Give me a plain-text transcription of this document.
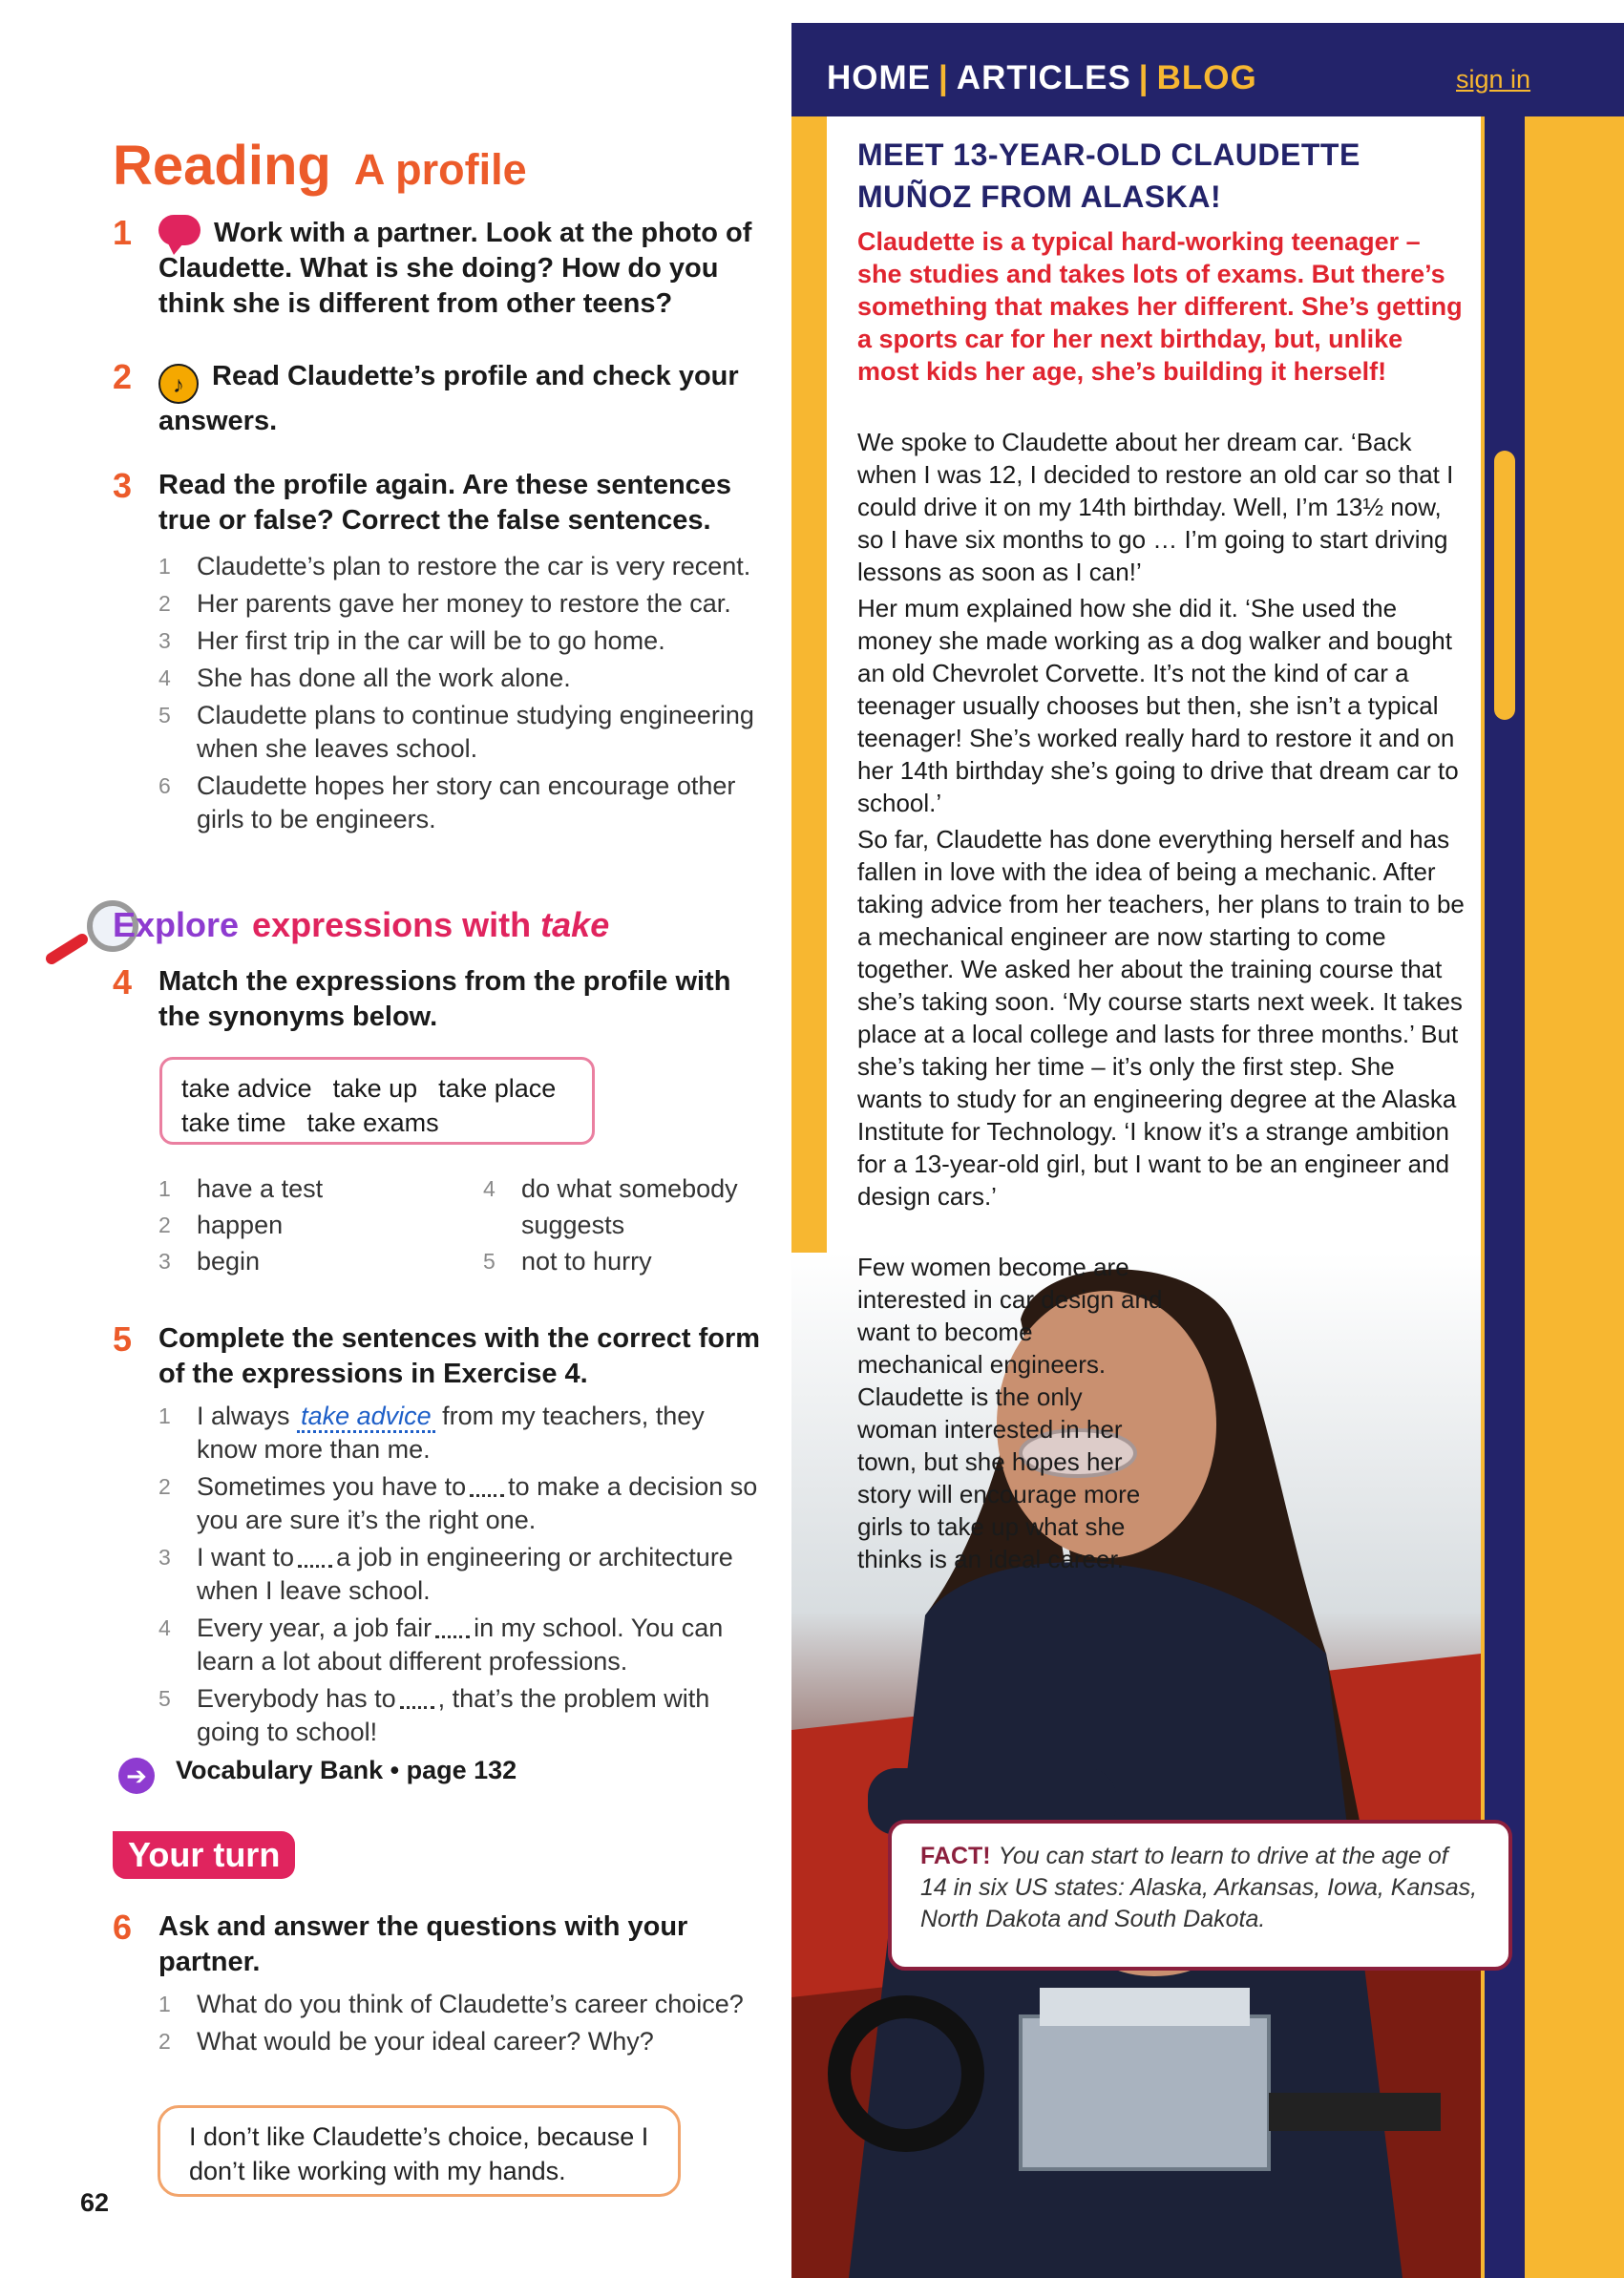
Reading A profile
1	Work with a partner. Look at the photo of Claudette. What is she doing? How do you think she is different from other teens?
2	♪ Read Claudette’s profile and check your answers.
3 Read the profile again. Are these sentences true or false? Correct the false sentences.
1 Claudette’s plan to restore the car is very recent.
2 Her parents gave her money to restore the car.
3 Her first trip in the car will be to go home.
4 She has done all the work alone.
5 Claudette plans to continue studying engineering when she leaves school.
6 Claudette hopes her story can encourage other girls to be engineers.
Explore expressions with take
4 Match the expressions from the profile with the synonyms below.
take advice take up take place
take time take exams
1 have a test
2 happen
3 begin
4 do what somebody suggests
5 not to hurry
5 Complete the sentences with the correct form of the expressions in Exercise 4.
1 I always take advice from my teachers, they know more than me.
2 Sometimes you have to to make a decision so you are sure it’s the right one.
3 I want to a job in engineering or architecture when I leave school.
4 Every year, a job fair in my school. You can learn a lot about different professions.
5 Everybody has to , that’s the problem with going to school!
➔ Vocabulary Bank • page 132
Your turn
6 Ask and answer the questions with your partner.
1 What do you think of Claudette’s career choice?
2 What would be your ideal career? Why?
I don’t like Claudette’s choice, because I don’t like working with my hands.
62
HOME | ARTICLES | BLOG	sign in
MEET 13-YEAR-OLD CLAUDETTE MUÑOZ FROM ALASKA!
Claudette is a typical hard-working teenager – she studies and takes lots of exams. But there’s something that makes her different. She’s getting a sports car for her next birthday, but, unlike most kids her age, she’s building it herself!
We spoke to Claudette about her dream car. ‘Back when I was 12, I decided to restore an old car so that I could drive it on my 14th birthday. Well, I’m 13½ now, so I have six months to go … I’m going to start driving lessons as soon as I can!’
Her mum explained how she did it. ‘She used the money she made working as a dog walker and bought an old Chevrolet Corvette. It’s not the kind of car a teenager usually chooses but then, she isn’t a typical teenager! She’s worked really hard to restore it and on her 14th birthday she’s going to drive that dream car to school.’
So far, Claudette has done everything herself and has fallen in love with the idea of being a mechanic. After taking advice from her teachers, her plans to train to be a mechanical engineer are now starting to come together. We asked her about the training course that she’s taking soon. ‘My course starts next week. It takes place at a local college and lasts for three months.’ But she’s taking her time – it’s only the first step. She wants to study for an engineering degree at the Alaska Institute for Technology. ‘I know it’s a strange ambition for a 13-year-old girl, but I want to be an engineer and design cars.’
Few women become are interested in car design and want to become mechanical engineers. Claudette is the only woman interested in her town, but she hopes her story will encourage more girls to take up what she thinks is an ideal career.
FACT! You can start to learn to drive at the age of 14 in six US states: Alaska, Arkansas, Iowa, Kansas, North Dakota and South Dakota.
